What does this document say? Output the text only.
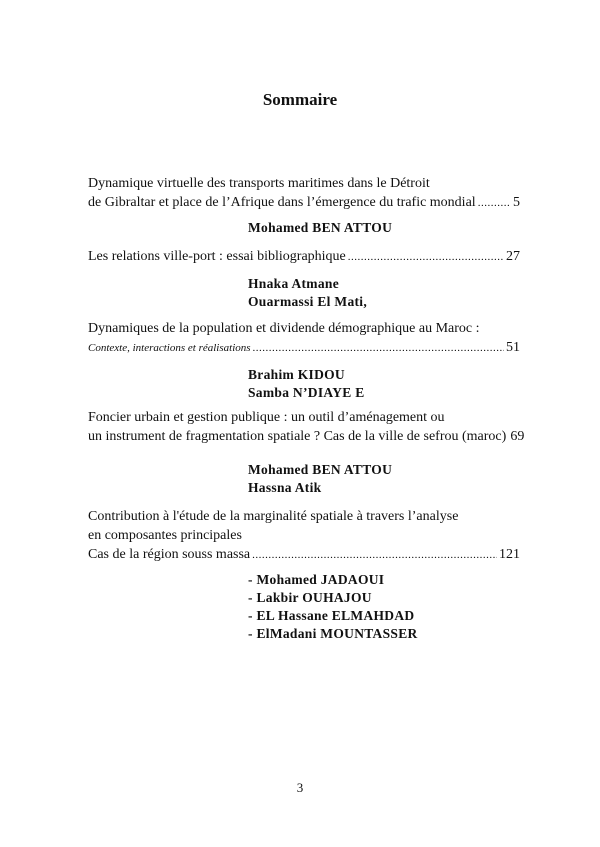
Sommaire
Dynamique virtuelle des transports maritimes dans le Détroit
de Gibraltar et place de l’Afrique dans l’émergence du trafic mondial .....	5
Mohamed BEN ATTOU
Les relations ville-port : essai bibliographique .....	27
Hnaka Atmane
Ouarmassi El Mati,
Dynamiques de la population et dividende démographique au Maroc :
Contexte, interactions et réalisations .....	51
Brahim KIDOU
Samba N’DIAYE E
Foncier urbain et gestion publique : un outil d’aménagement ou
un instrument de fragmentation spatiale ? Cas de la ville de sefrou (maroc) 69
Mohamed BEN ATTOU
Hassna Atik
Contribution à l'étude de la marginalité spatiale à travers l’analyse
en composantes principales
Cas de la région souss massa .....	121
- Mohamed JADAOUI
- Lakbir OUHAJOU
- EL Hassane ELMAHDAD
- ElMadani MOUNTASSER
3
